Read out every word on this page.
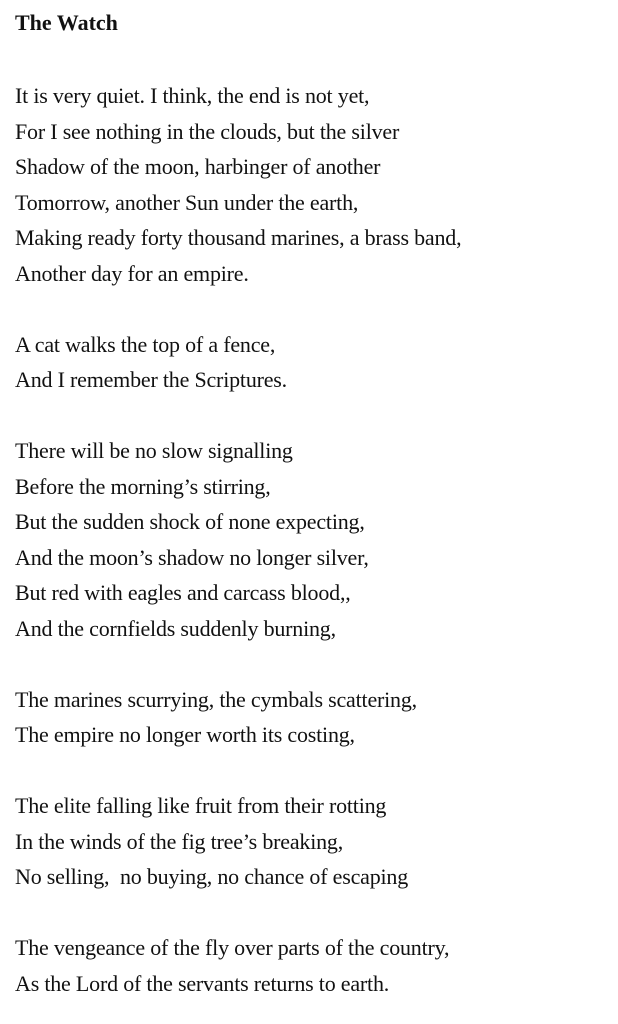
The Watch
It is very quiet. I think, the end is not yet,
For I see nothing in the clouds, but the silver
Shadow of the moon, harbinger of another
Tomorrow, another Sun under the earth,
Making ready forty thousand marines, a brass band,
Another day for an empire.
A cat walks the top of a fence,
And I remember the Scriptures.
There will be no slow signalling
Before the morning’s stirring,
But the sudden shock of none expecting,
And the moon’s shadow no longer silver,
But red with eagles and carcass blood,,
And the cornfields suddenly burning,
The marines scurrying, the cymbals scattering,
The empire no longer worth its costing,
The elite falling like fruit from their rotting
In the winds of the fig tree’s breaking,
No selling,  no buying, no chance of escaping
The vengeance of the fly over parts of the country,
As the Lord of the servants returns to earth.
